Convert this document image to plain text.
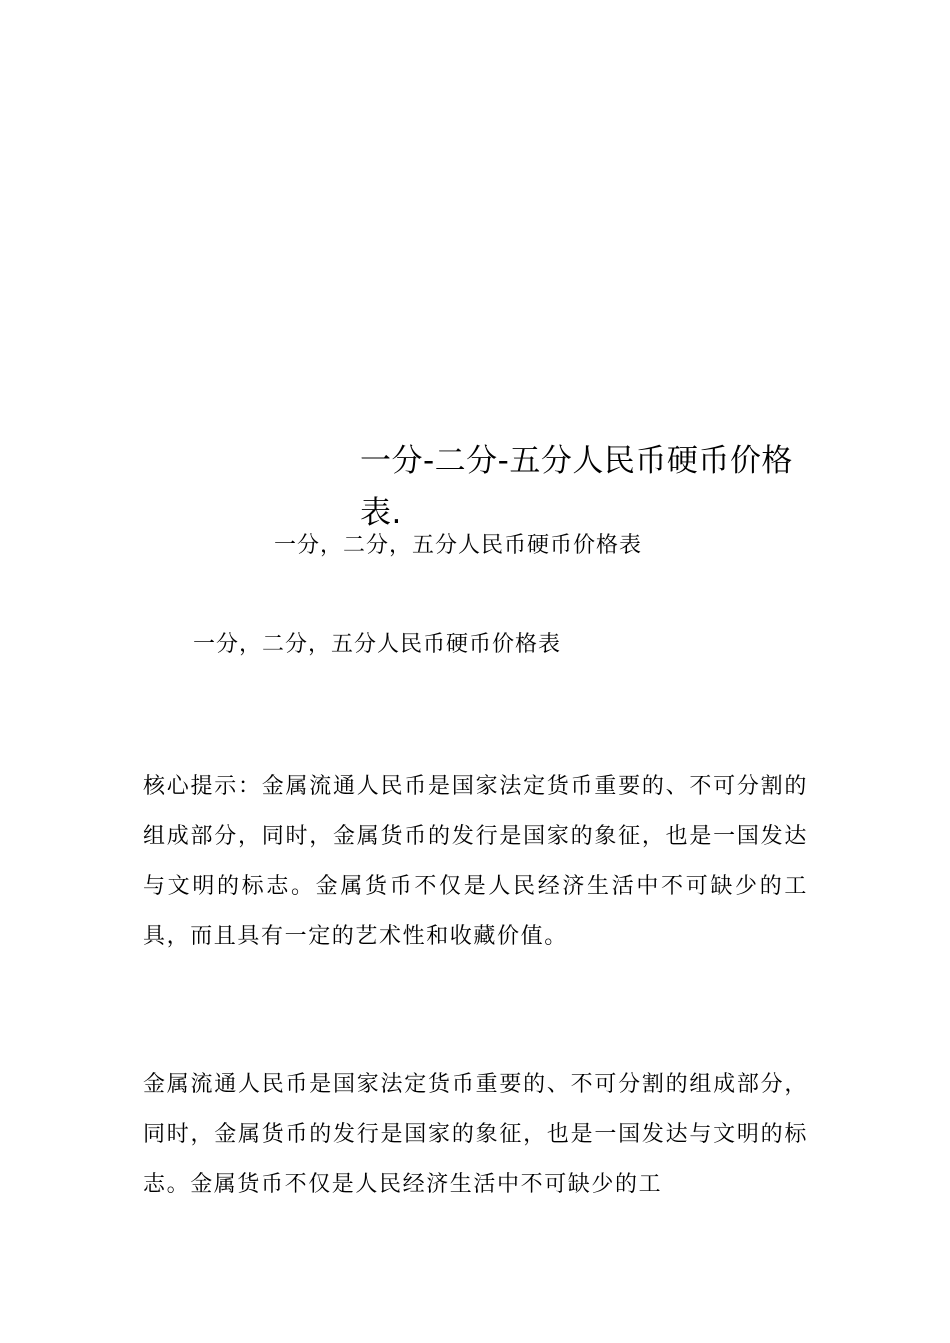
一分-二分-五分人民币硬币价格表.

一分，二分，五分人民币硬币价格表

一分，二分，五分人民币硬币价格表

核心提示：金属流通人民币是国家法定货币重要的、不可分割的组成部分，同时，金属货币的发行是国家的象征，也是一国发达与文明的标志。金属货币不仅是人民经济生活中不可缺少的工具，而且具有一定的艺术性和收藏价值。

金属流通人民币是国家法定货币重要的、不可分割的组成部分，同时，金属货币的发行是国家的象征，也是一国发达与文明的标志。金属货币不仅是人民经济生活中不可缺少的工
